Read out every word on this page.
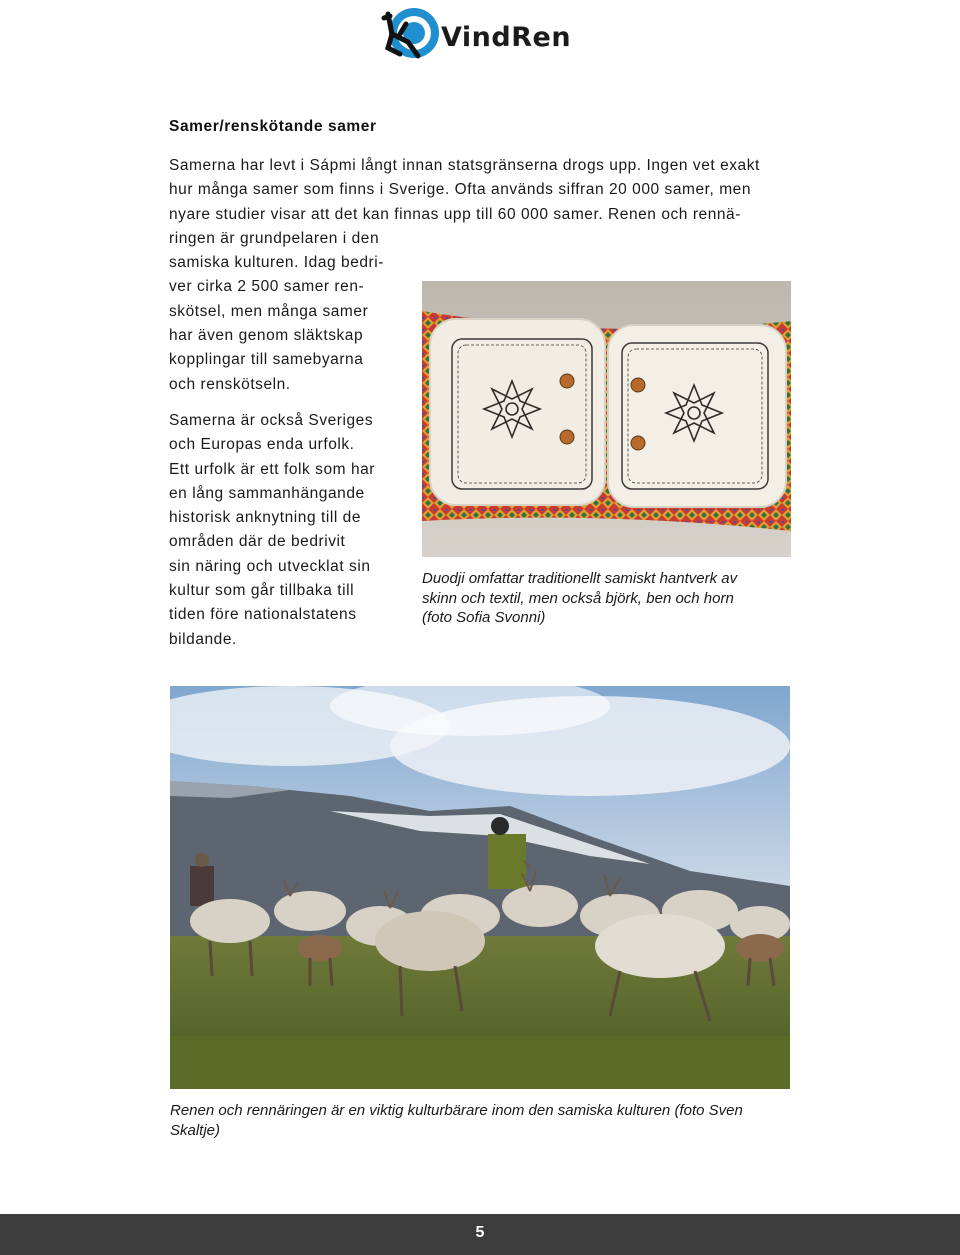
VindRen
Samer/renskötande samer

Samerna har levt i Sápmi långt innan statsgränserna drogs upp. Ingen vet exakt
hur många samer som finns i Sverige. Ofta används siffran 20 000 samer, men
nyare studier visar att det kan finnas upp till 60 000 samer. Renen och rennä-
ringen är grundpelaren i den
samiska kulturen. Idag bedri-
ver cirka 2 500 samer ren-
skötsel, men många samer
har även genom släktskap
kopplingar till samebyarna
och renskötseln.

Samerna är också Sveriges
och Europas enda urfolk.
Ett urfolk är ett folk som har
en lång sammanhängande
historisk anknytning till de
områden där de bedrivit
sin näring och utvecklat sin
kultur som går tillbaka till
tiden före nationalstatens
bildande.

Duodji omfattar traditionellt samiskt hantverk av
skinn och textil, men också björk, ben och horn
(foto Sofia Svonni)

Renen och rennäringen är en viktig kulturbärare inom den samiska kulturen (foto Sven
Skaltje)

5
